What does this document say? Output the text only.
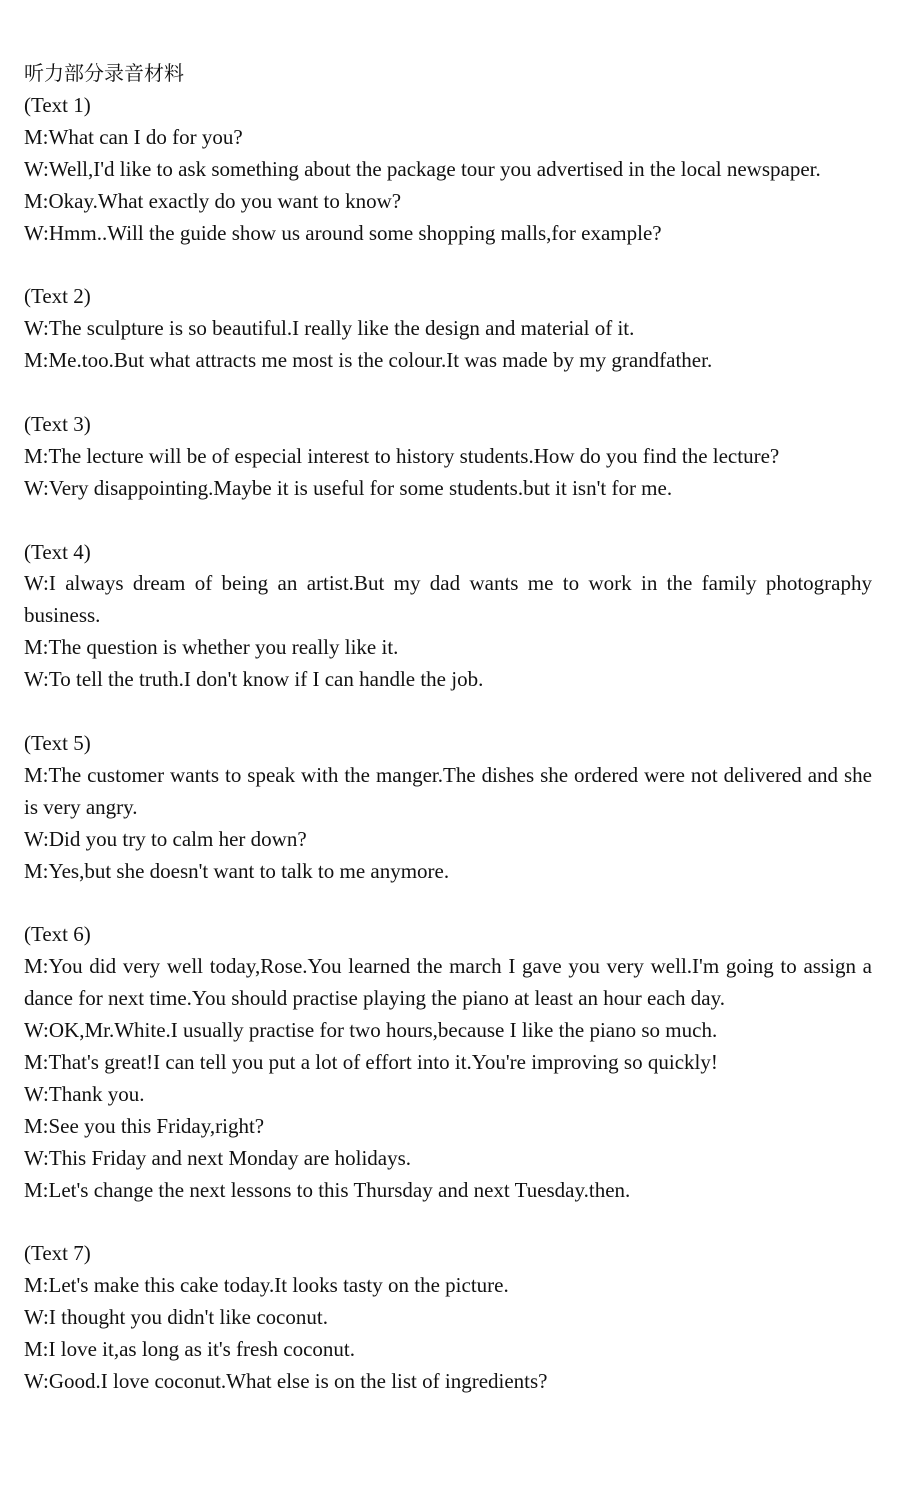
听力部分录音材料

(Text 1)

M:What can I do for you?

W:Well,I'd like to ask something about the package tour you advertised in the local newspaper.

M:Okay.What exactly do you want to know?

W:Hmm..Will the guide show us around some shopping malls,for example?

(Text 2)

W:The sculpture is so beautiful.I really like the design and material of it.

M:Me.too.But what attracts me most is the colour.It was made by my grandfather.

(Text 3)

M:The lecture will be of especial interest to history students.How do you find the lecture?

W:Very disappointing.Maybe it is useful for some students.but it isn't for me.

(Text 4)

W:I always dream of being an artist.But my dad wants me to work in the family photography business.

M:The question is whether you really like it.

W:To tell the truth.I don't know if I can handle the job.

(Text 5)

M:The customer wants to speak with the manger.The dishes she ordered were not delivered and she is very angry.

W:Did you try to calm her down?

M:Yes,but she doesn't want to talk to me anymore.

(Text 6)

M:You did very well today,Rose.You learned the march I gave you very well.I'm going to assign a dance for next time.You should practise playing the piano at least an hour each day.

W:OK,Mr.White.I usually practise for two hours,because I like the piano so much.

M:That's great!I can tell you put a lot of effort into it.You're improving so quickly!

W:Thank you.

M:See you this Friday,right?

W:This Friday and next Monday are holidays.

M:Let's change the next lessons to this Thursday and next Tuesday.then.

(Text 7)

M:Let's make this cake today.It looks tasty on the picture.

W:I thought you didn't like coconut.

M:I love it,as long as it's fresh coconut.

W:Good.I love coconut.What else is on the list of ingredients?
